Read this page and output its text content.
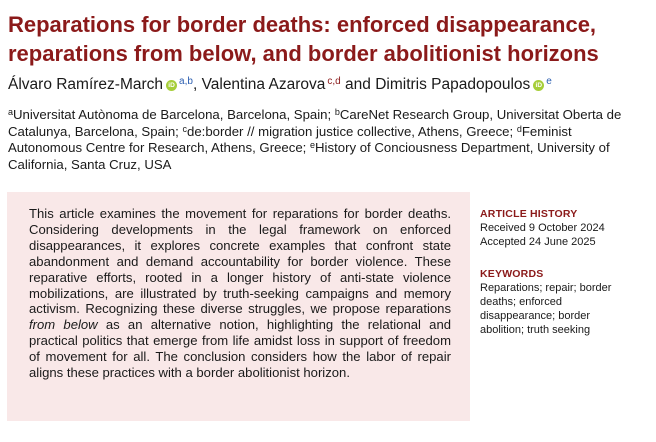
Reparations for border deaths: enforced disappearance, reparations from below, and border abolitionist horizons
Álvaro Ramírez-March iD $^{a,b}$, Valentina Azarova $^{c,d}$ and Dimitris Papadopoulos iD $^e$
$^a$Universitat Autònoma de Barcelona, Barcelona, Spain; $^b$CareNet Research Group, Universitat Oberta de Catalunya, Barcelona, Spain; $^c$de:border // migration justice collective, Athens, Greece; $^d$Feminist Autonomous Centre for Research, Athens, Greece; $^e$History of Conciousness Department, University of California, Santa Cruz, USA

This article examines the movement for reparations for border deaths. Considering developments in the legal framework on enforced disappearances, it explores concrete examples that confront state abandonment and demand accountability for border violence. These reparative efforts, rooted in a longer history of anti-state violence mobilizations, are illustrated by truth-seeking campaigns and memory activism. Recognizing these diverse struggles, we propose reparations from below as an alternative notion, highlighting the relational and practical politics that emerge from life amidst loss in support of freedom of movement for all. The conclusion considers how the labor of repair aligns these practices with a border abolitionist horizon.

ARTICLE HISTORY
Received 9 October 2024
Accepted 24 June 2025
KEYWORDS
Reparations; repair; border
deaths; enforced
disappearance; border
abolition; truth seeking
